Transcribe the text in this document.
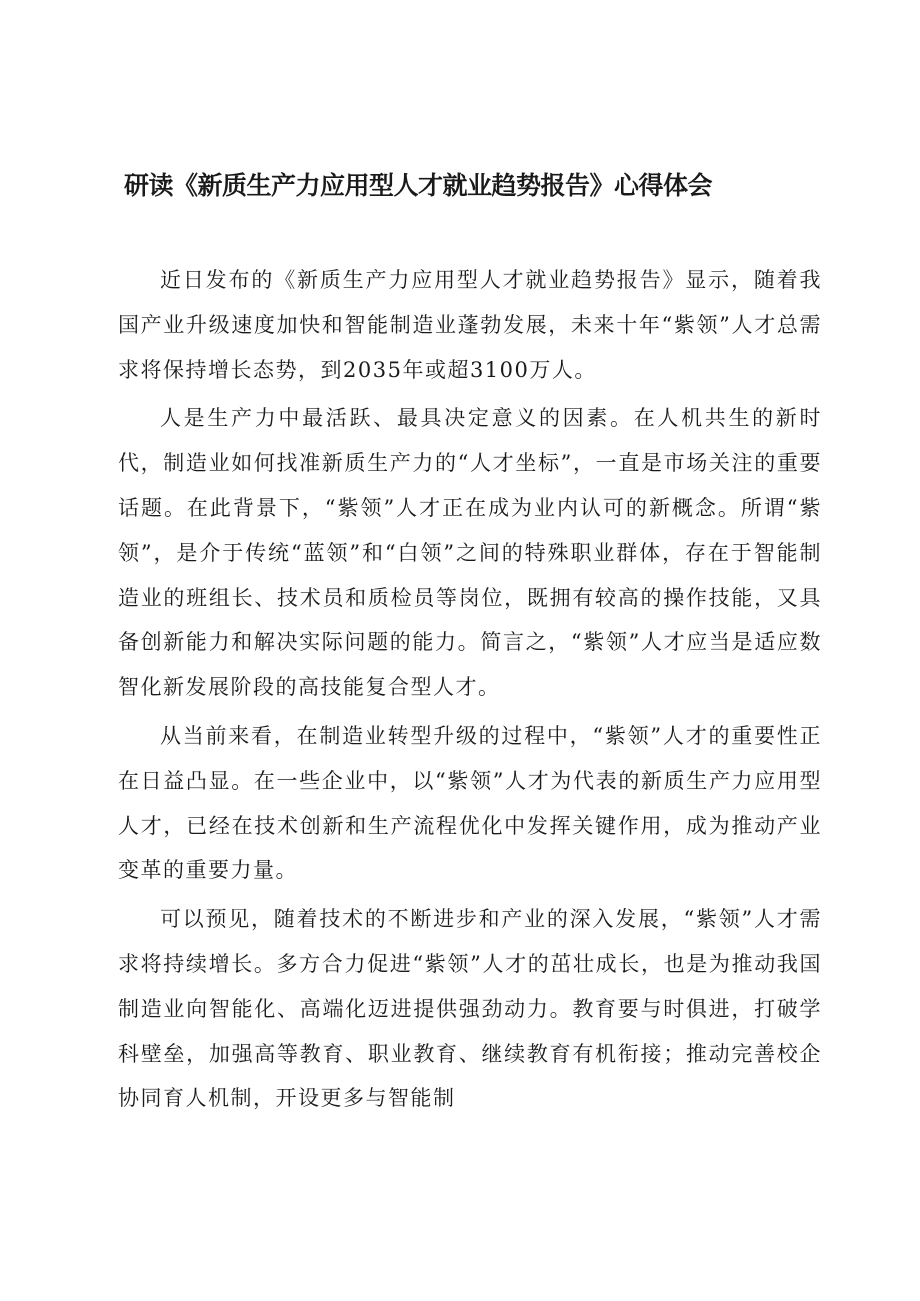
研读《新质生产力应用型人才就业趋势报告》心得体会

近日发布的《新质生产力应用型人才就业趋势报告》显示，随着我国产业升级速度加快和智能制造业蓬勃发展，未来十年“紫领”人才总需求将保持增长态势，到2035年或超3100万人。

人是生产力中最活跃、最具决定意义的因素。在人机共生的新时代，制造业如何找准新质生产力的“人才坐标”，一直是市场关注的重要话题。在此背景下，“紫领”人才正在成为业内认可的新概念。所谓“紫领”，是介于传统“蓝领”和“白领”之间的特殊职业群体，存在于智能制造业的班组长、技术员和质检员等岗位，既拥有较高的操作技能，又具备创新能力和解决实际问题的能力。简言之，“紫领”人才应当是适应数智化新发展阶段的高技能复合型人才。

从当前来看，在制造业转型升级的过程中，“紫领”人才的重要性正在日益凸显。在一些企业中，以“紫领”人才为代表的新质生产力应用型人才，已经在技术创新和生产流程优化中发挥关键作用，成为推动产业变革的重要力量。

可以预见，随着技术的不断进步和产业的深入发展，“紫领”人才需求将持续增长。多方合力促进“紫领”人才的茁壮成长，也是为推动我国制造业向智能化、高端化迈进提供强劲动力。教育要与时俱进，打破学科壁垒，加强高等教育、职业教育、继续教育有机衔接；推动完善校企协同育人机制，开设更多与智能制
